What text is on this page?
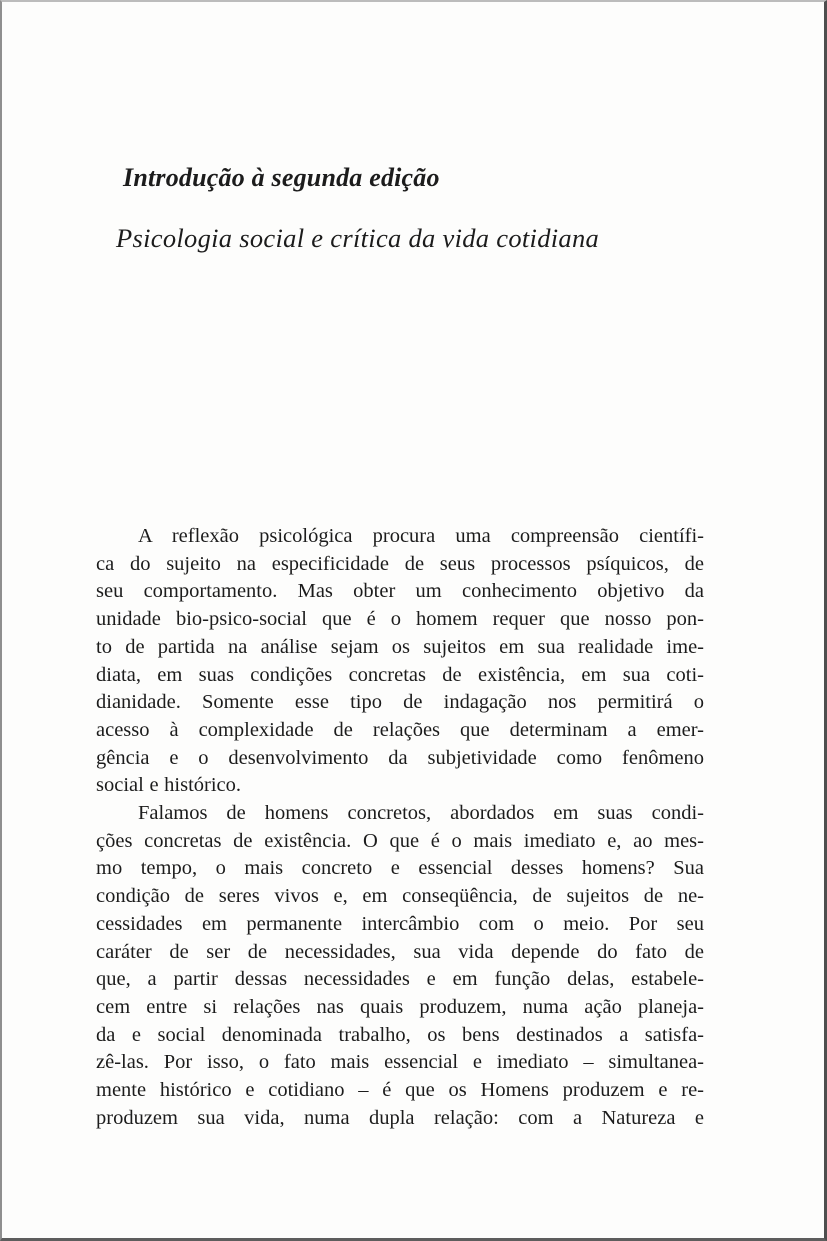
Introdução à segunda edição
Psicologia social e crítica da vida cotidiana
A reflexão psicológica procura uma compreensão científi-
ca do sujeito na especificidade de seus processos psíquicos, de
seu comportamento. Mas obter um conhecimento objetivo da
unidade bio-psico-social que é o homem requer que nosso pon-
to de partida na análise sejam os sujeitos em sua realidade ime-
diata, em suas condições concretas de existência, em sua coti-
dianidade. Somente esse tipo de indagação nos permitirá o
acesso à complexidade de relações que determinam a emer-
gência e o desenvolvimento da subjetividade como fenômeno
social e histórico.
Falamos de homens concretos, abordados em suas condi-
ções concretas de existência. O que é o mais imediato e, ao mes-
mo tempo, o mais concreto e essencial desses homens? Sua
condição de seres vivos e, em conseqüência, de sujeitos de ne-
cessidades em permanente intercâmbio com o meio. Por seu
caráter de ser de necessidades, sua vida depende do fato de
que, a partir dessas necessidades e em função delas, estabele-
cem entre si relações nas quais produzem, numa ação planeja-
da e social denominada trabalho, os bens destinados a satisfa-
zê-las. Por isso, o fato mais essencial e imediato – simultanea-
mente histórico e cotidiano – é que os Homens produzem e re-
produzem sua vida, numa dupla relação: com a Natureza e
